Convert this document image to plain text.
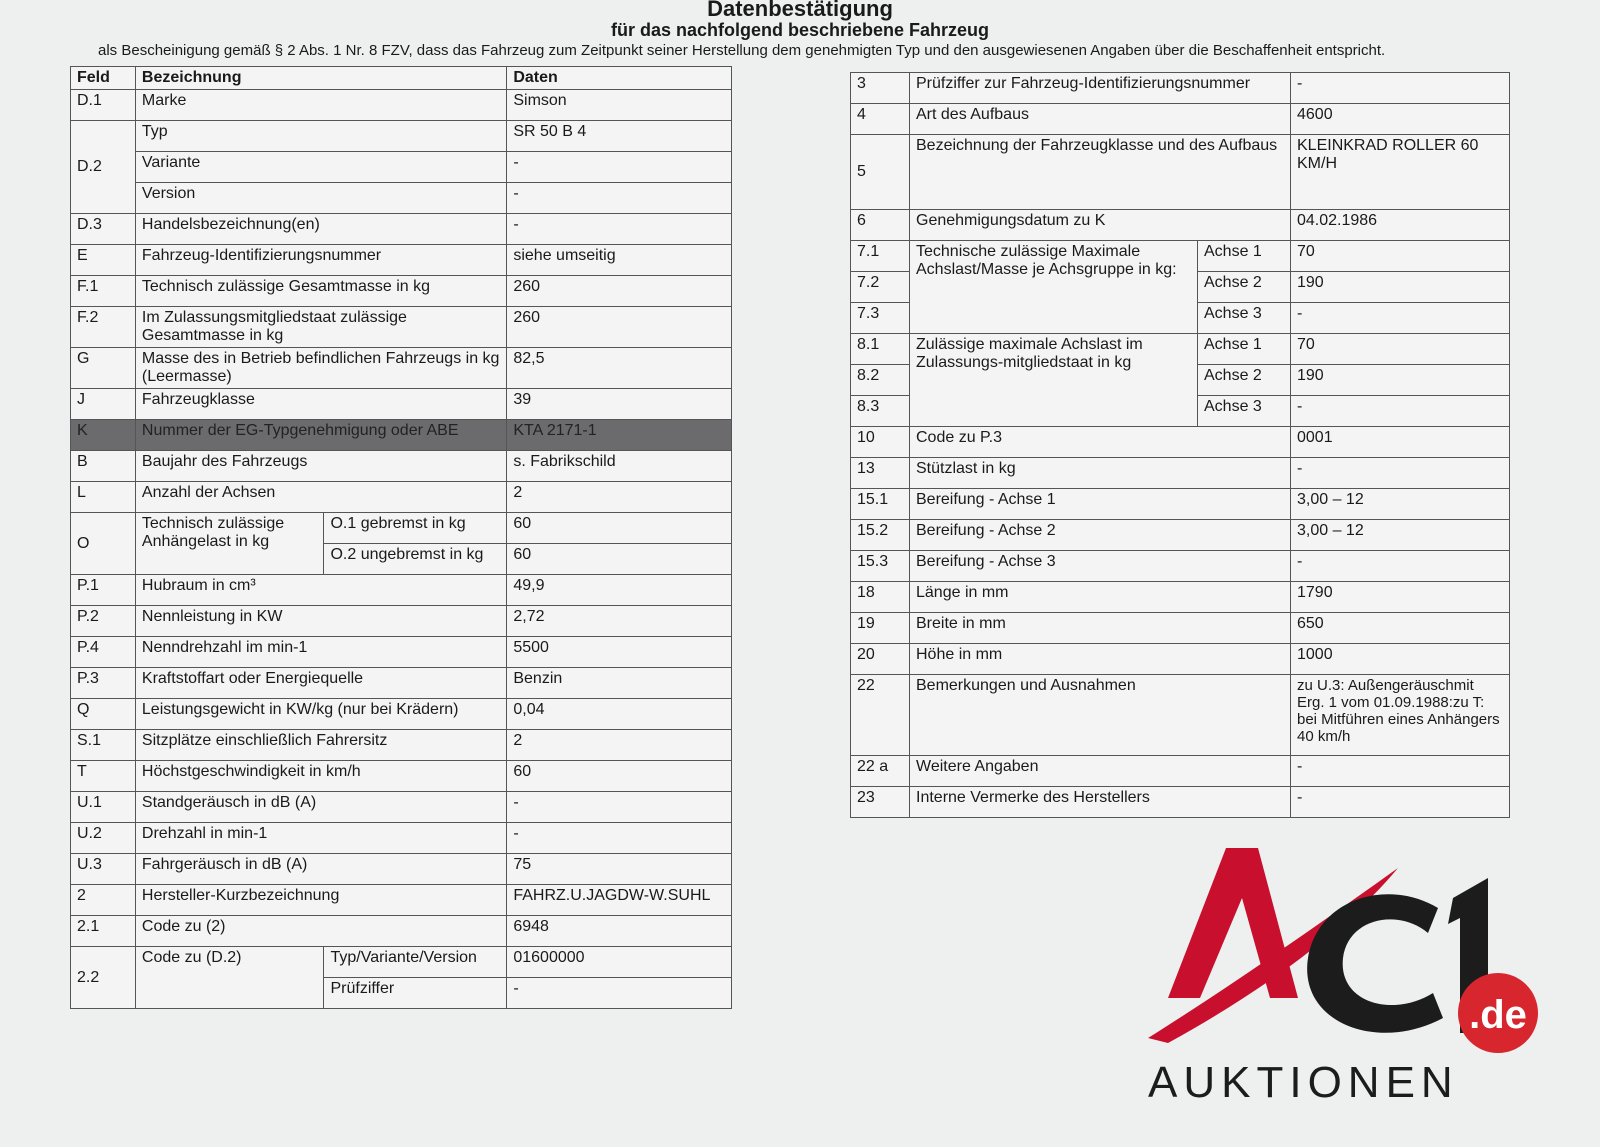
Datenbestätigung
für das nachfolgend beschriebene Fahrzeug
als Bescheinigung gemäß § 2 Abs. 1 Nr. 8 FZV, dass das Fahrzeug zum Zeitpunkt seiner Herstellung dem genehmigten Typ und den ausgewiesenen Angaben über die Beschaffenheit entspricht.
Feld	Bezeichnung		Daten
D.1	Marke		Simson
D.2	Typ		SR 50 B 4
	Variante		-
	Version		-
D.3	Handelsbezeichnung(en)		-
E	Fahrzeug-Identifizierungsnummer		siehe umseitig
F.1	Technisch zulässige Gesamtmasse in kg		260
F.2	Im Zulassungsmitgliedstaat zulässige Gesamtmasse in kg		260
G	Masse des in Betrieb befindlichen Fahrzeugs in kg (Leermasse)		82,5
J	Fahrzeugklasse		39
K	Nummer der EG-Typgenehmigung oder ABE		KTA 2171-1
B	Baujahr des Fahrzeugs		s. Fabrikschild
L	Anzahl der Achsen		2
O	Technisch zulässige Anhängelast in kg	O.1 gebremst in kg	60
		O.2 ungebremst in kg	60
P.1	Hubraum in cm³		49,9
P.2	Nennleistung in KW		2,72
P.4	Nenndrehzahl im min-1		5500
P.3	Kraftstoffart oder Energiequelle		Benzin
Q	Leistungsgewicht in KW/kg (nur bei Krädern)		0,04
S.1	Sitzplätze einschließlich Fahrersitz		2
T	Höchstgeschwindigkeit in km/h		60
U.1	Standgeräusch in dB (A)		-
U.2	Drehzahl in min-1		-
U.3	Fahrgeräusch in dB (A)		75
2	Hersteller-Kurzbezeichnung		FAHRZ.U.JAGDW-W.SUHL
2.1	Code zu (2)		6948
2.2	Code zu (D.2)	Typ/Variante/Version	01600000
		Prüfziffer	-
3	Prüfziffer zur Fahrzeug-Identifizierungsnummer		-
4	Art des Aufbaus		4600
5	Bezeichnung der Fahrzeugklasse und des Aufbaus		KLEINKRAD ROLLER 60 KM/H
6	Genehmigungsdatum zu K		04.02.1986
7.1	Technische zulässige Maximale Achslast/Masse je Achsgruppe in kg:	Achse 1	70
7.2		Achse 2	190
7.3		Achse 3	-
8.1	Zulässige maximale Achslast im Zulassungs-mitgliedstaat in kg	Achse 1	70
8.2		Achse 2	190
8.3		Achse 3	-
10	Code zu P.3		0001
13	Stützlast in kg		-
15.1	Bereifung - Achse 1		3,00 – 12
15.2	Bereifung - Achse 2		3,00 – 12
15.3	Bereifung - Achse 3		-
18	Länge in mm		1790
19	Breite in mm		650
20	Höhe in mm		1000
22	Bemerkungen und Ausnahmen		zu U.3: Außengeräuschmit Erg. 1 vom 01.09.1988:zu T: bei Mitführen eines Anhängers 40 km/h
22 a	Weitere Angaben		-
23	Interne Vermerke des Herstellers		-
.de
AUKTIONEN
